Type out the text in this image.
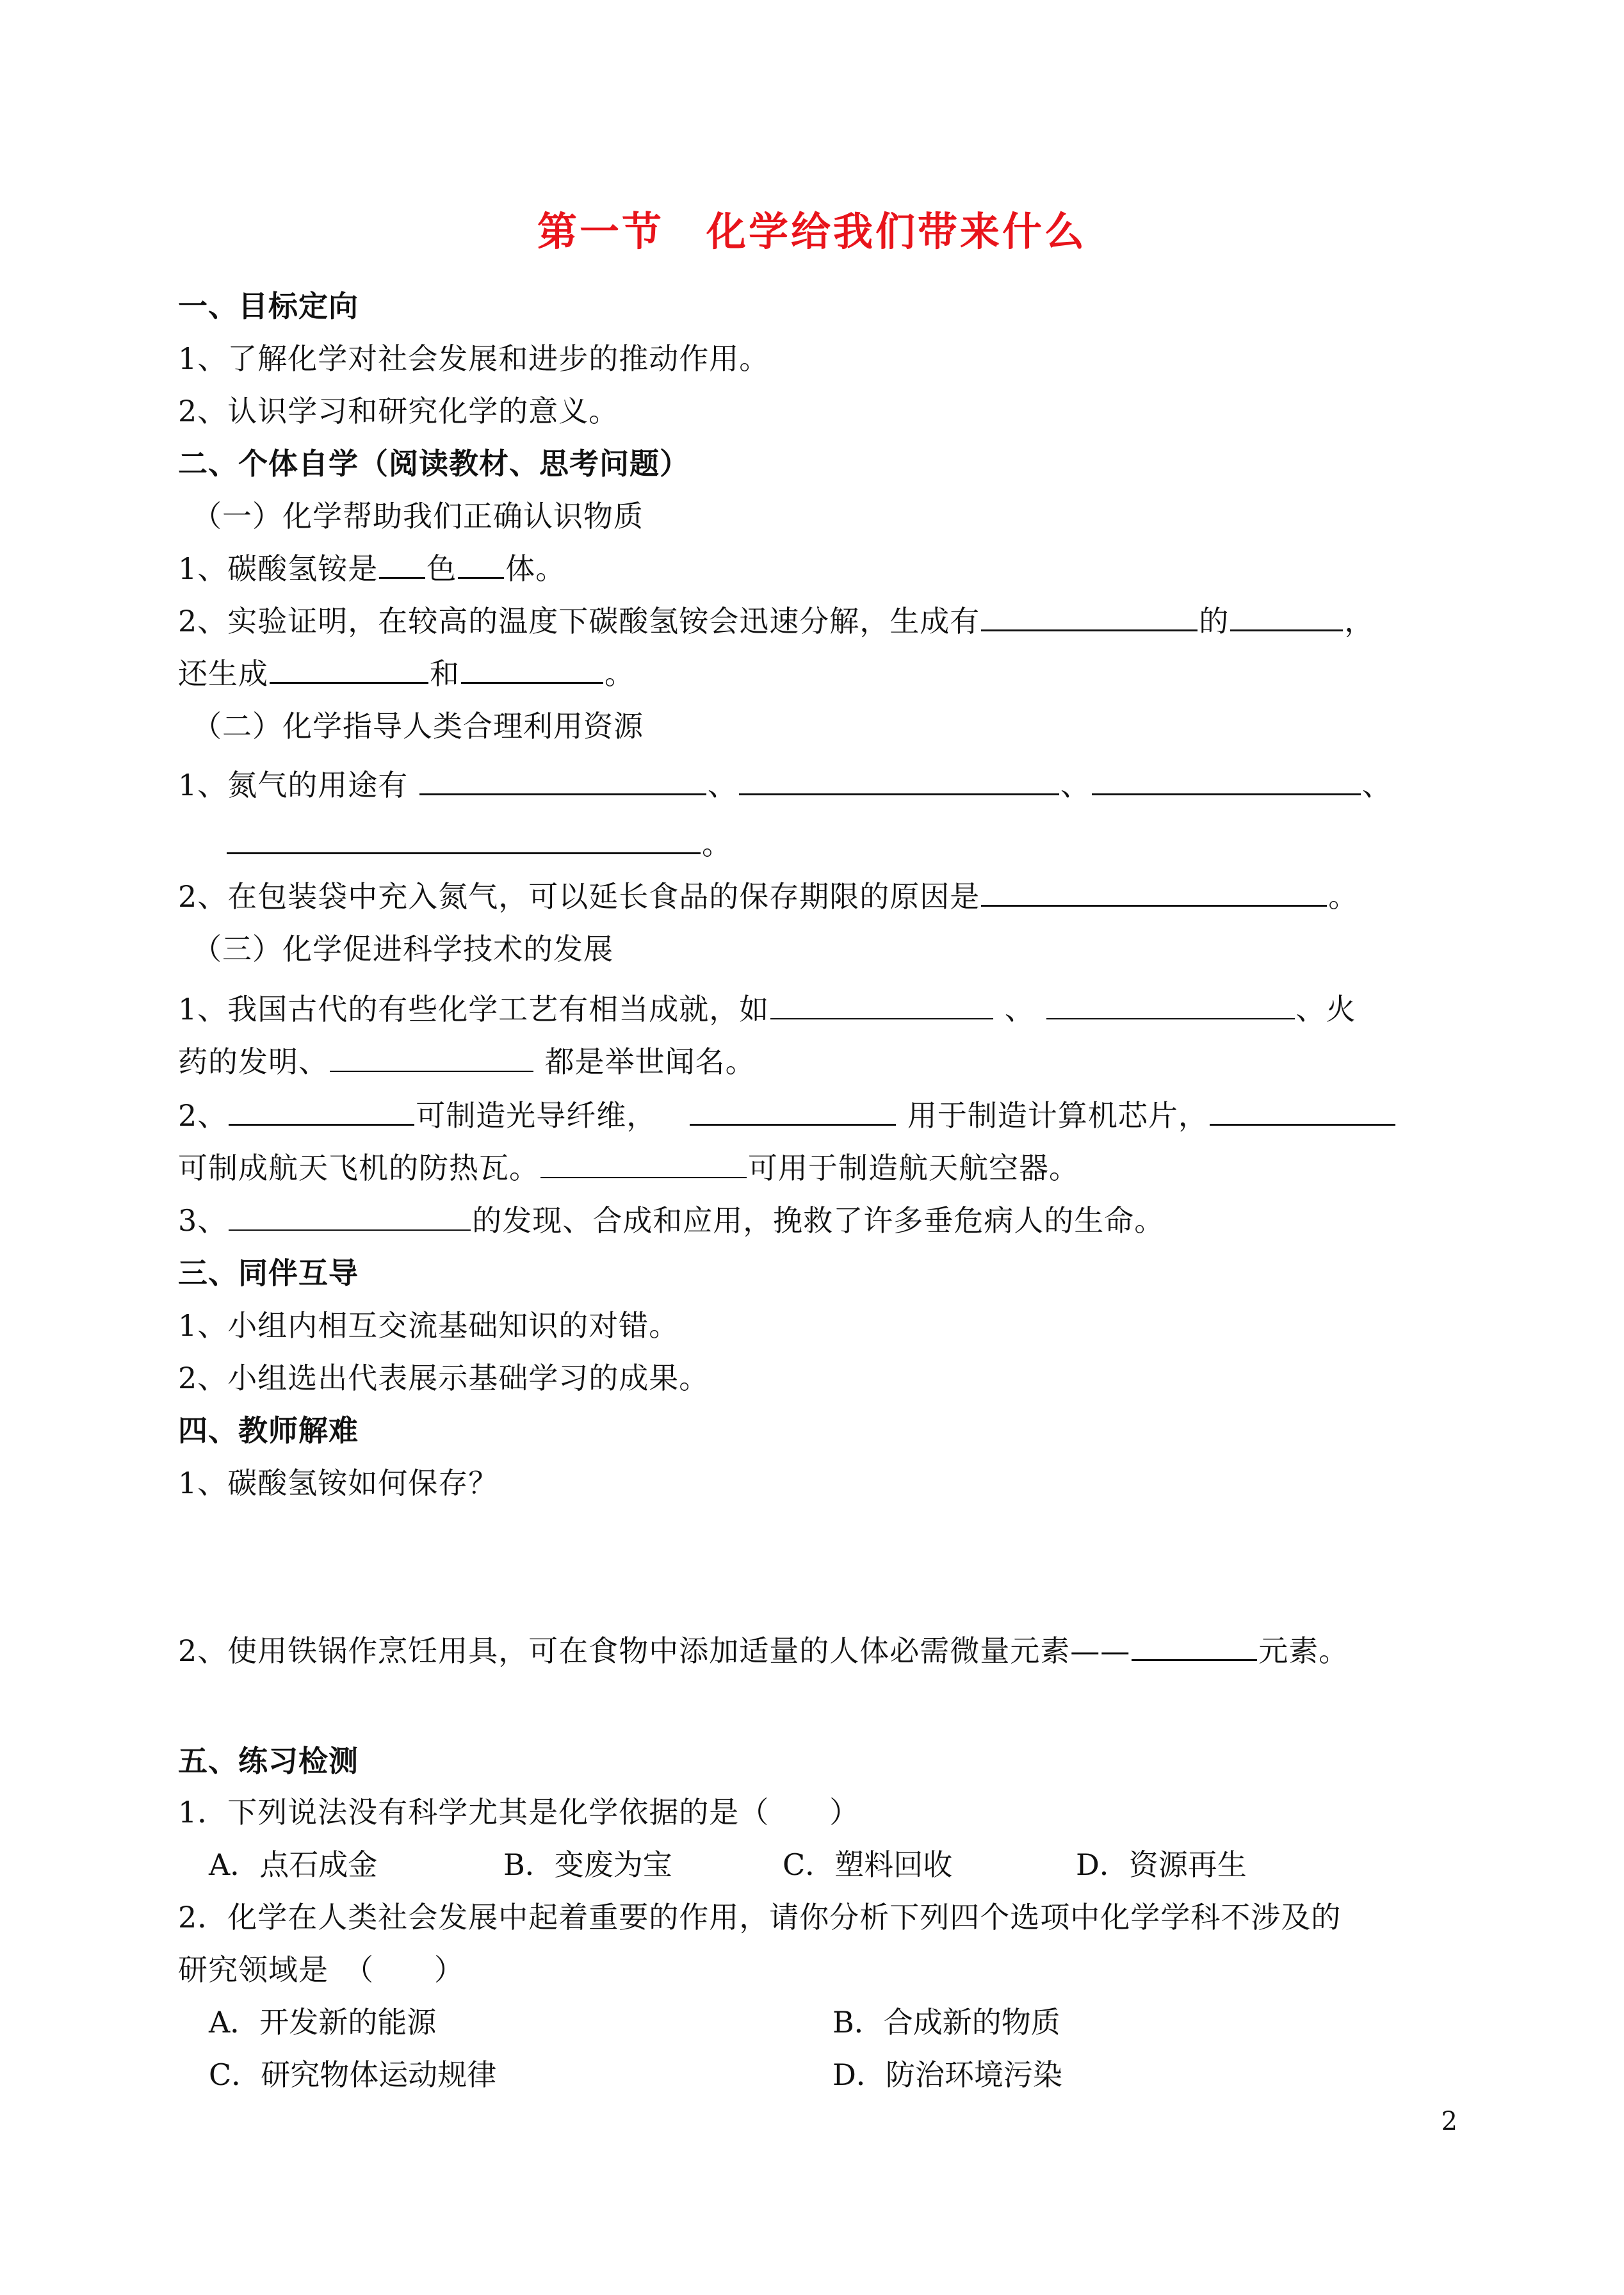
第一节　化学给我们带来什么
一、目标定向
1、了解化学对社会发展和进步的推动作用。
2、认识学习和研究化学的意义。
二、个体自学（阅读教材、思考问题）
（一）化学帮助我们正确认识物质
1、碳酸氢铵是 色 体。
2、实验证明，在较高的温度下碳酸氢铵会迅速分解，生成有	的	，
还生成	和	。
（二）化学指导人类合理利用资源
1、氮气的用途有	、	、	、
。
2、在包装袋中充入氮气，可以延长食品的保存期限的原因是	。
（三）化学促进科学技术的发展
1、我国古代的有些化学工艺有相当成就，如	、	、火
药的发明、	都是举世闻名。
2、	可制造光导纤维，	用于制造计算机芯片，
可制成航天飞机的防热瓦。	可用于制造航天航空器。
3、	的发现、合成和应用，挽救了许多垂危病人的生命。
三、同伴互导
1、小组内相互交流基础知识的对错。
2、小组选出代表展示基础学习的成果。
四、教师解难
1、碳酸氢铵如何保存？
2、使用铁锅作烹饪用具，可在食物中添加适量的人体必需微量元素——	元素。
五、练习检测
1．下列说法没有科学尤其是化学依据的是（　　）
A．点石成金	B．变废为宝	C．塑料回收	D．资源再生
2．化学在人类社会发展中起着重要的作用，请你分析下列四个选项中化学学科不涉及的
研究领域是　（　　）
A．开发新的能源	B．合成新的物质
C．研究物体运动规律	D．防治环境污染
2
